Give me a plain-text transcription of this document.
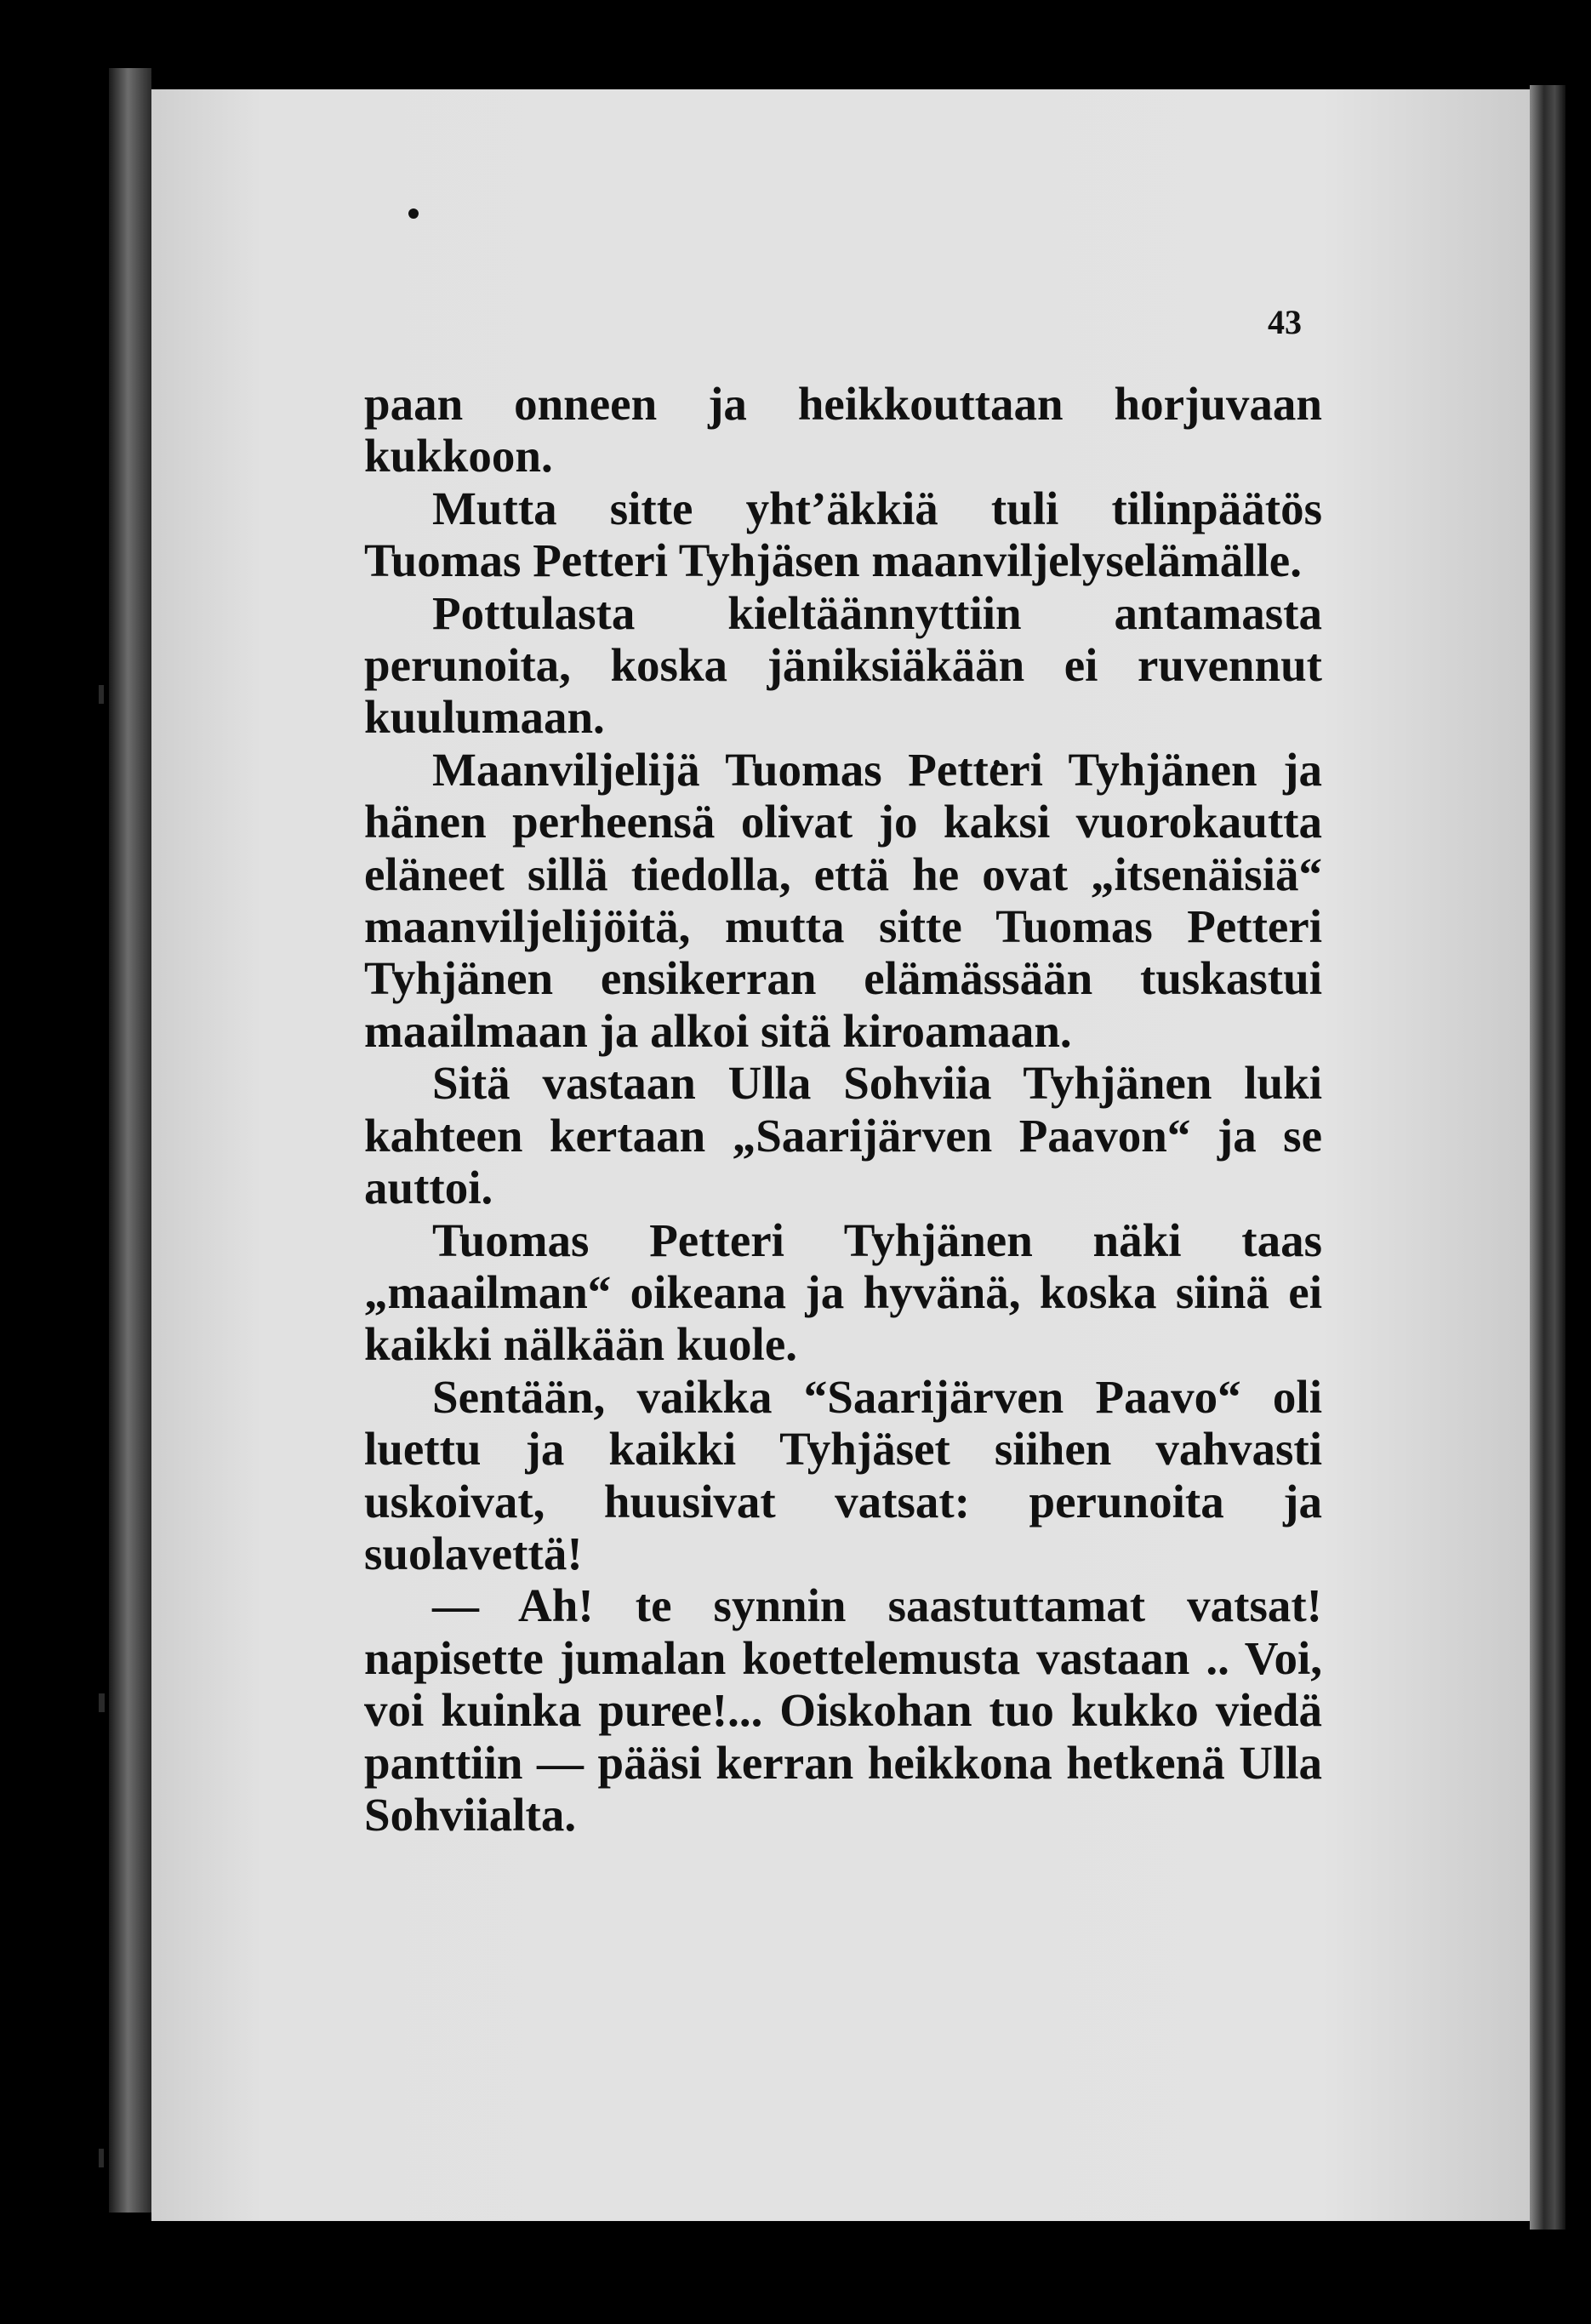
43

paan onneen ja heikkouttaan horjuvaan kukkoon.

Mutta sitte yht’äkkiä tuli tilinpäätös Tuomas Petteri Tyhjäsen maanviljelyselämälle.

Pottulasta kieltäännyttiin antamasta perunoita, koska jäniksiäkään ei ruvennut kuulumaan.

Maanviljelijä Tuomas Petteri Tyhjänen ja hänen perheensä olivat jo kaksi vuorokautta eläneet sillä tiedolla, että he ovat „itsenäisiä“ maanviljelijöitä, mutta sitte Tuomas Petteri Tyhjänen ensikerran elämässään tuskastui maailmaan ja alkoi sitä kiroamaan.

Sitä vastaan Ulla Sohviia Tyhjänen luki kahteen kertaan „Saarijärven Paavon“ ja se auttoi.

Tuomas Petteri Tyhjänen näki taas „maailman“ oikeana ja hyvänä, koska siinä ei kaikki nälkään kuole.

Sentään, vaikka “Saarijärven Paavo“ oli luettu ja kaikki Tyhjäset siihen vahvasti uskoivat, huusivat vatsat: perunoita ja suolavettä!

— Ah! te synnin saastuttamat vatsat! napisette jumalan koettelemusta vastaan .. Voi, voi kuinka puree!... Oiskohan tuo kukko viedä panttiin — pääsi kerran heikkona hetkenä Ulla Sohviialta.
